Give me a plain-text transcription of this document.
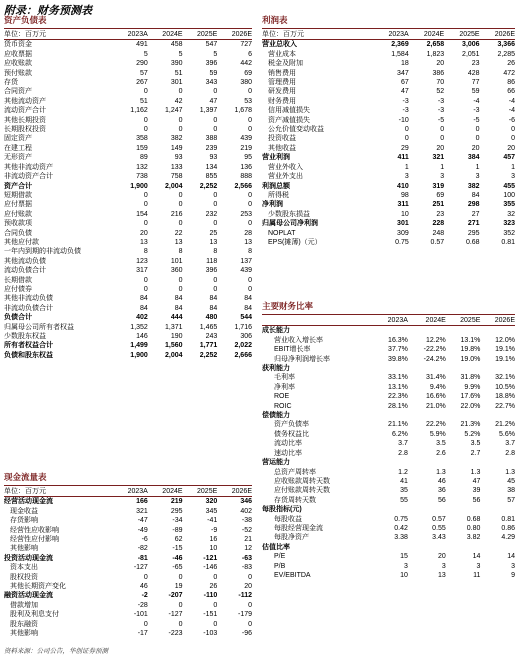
附录：财务预测表
资产负债表
单位：百万元	2023A	2024E	2025E	2026E
货币资金	491	458	547	727
应收票据	5	5	5	6
应收账款	290	390	396	442
预付账款	57	51	59	69
存货	267	301	343	380
合同资产	0	0	0	0
其他流动资产	51	42	47	53
流动资产合计	1,162	1,247	1,397	1,678
其他长期投资	0	0	0	0
长期股权投资	0	0	0	0
固定资产	358	382	388	439
在建工程	159	149	239	219
无形资产	89	93	93	95
其他非流动资产	132	133	134	136
非流动资产合计	738	758	855	888
资产合计	1,900	2,004	2,252	2,566
短期借款	0	0	0	0
应付票据	0	0	0	0
应付账款	154	216	232	253
预收款项	0	0	0	0
合同负债	20	22	25	28
其他应付款	13	13	13	13
一年内到期的非流动负债	8	8	8	8
其他流动负债	123	101	118	137
流动负债合计	317	360	396	439
长期借款	0	0	0	0
应付债券	0	0	0	0
其他非流动负债	84	84	84	84
非流动负债合计	84	84	84	84
负债合计	402	444	480	544
归属母公司所有者权益	1,352	1,371	1,465	1,716
少数股东权益	146	190	243	306
所有者权益合计	1,499	1,560	1,771	2,022
负债和股东权益	1,900	2,004	2,252	2,666
现金流量表
单位：百万元	2023A	2024E	2025E	2026E
经营活动现金流	166	219	320	346
现金收益	321	295	345	402
存货影响	-47	-34	-41	-38
经营性应收影响	-49	-89	-9	-52
经营性应付影响	-6	62	16	21
其他影响	-82	-15	10	12
投资活动现金流	-81	-46	-121	-63
资本支出	-127	-65	-146	-83
股权投资	0	0	0	0
其他长期资产变化	46	19	26	20
融资活动现金流	-2	-207	-110	-112
借款增加	-28	0	0	0
股利及利息支付	-101	-127	-151	-179
股东融资	0	0	0	0
其他影响	-17	-223	-103	-96
利润表
单位：百万元	2023A	2024E	2025E	2026E
营业总收入	2,369	2,658	3,006	3,366
营业成本	1,584	1,823	2,051	2,285
税金及附加	18	20	23	26
销售费用	347	386	428	472
管理费用	67	70	77	86
研发费用	47	52	59	66
财务费用	-3	-3	-4	-4
信用减值损失	-3	-3	-3	-4
资产减值损失	-10	-5	-5	-6
公允价值变动收益	0	0	0	0
投资收益	0	0	0	0
其他收益	29	20	20	20
营业利润	411	321	384	457
营业外收入	1	1	1	1
营业外支出	3	3	3	3
利润总额	410	319	382	455
所得税	98	69	84	100
净利润	311	251	298	355
少数股东损益	10	23	27	32
归属母公司净利润	301	228	271	323
NOPLAT	309	248	295	352
EPS(摊薄)（元）	0.75	0.57	0.68	0.81
主要财务比率
	2023A	2024E	2025E	2026E
成长能力				
营业收入增长率	16.3%	12.2%	13.1%	12.0%
EBIT增长率	37.7%	-22.2%	19.8%	19.1%
归母净利润增长率	39.8%	-24.2%	19.0%	19.1%
获利能力				
毛利率	33.1%	31.4%	31.8%	32.1%
净利率	13.1%	9.4%	9.9%	10.5%
ROE	22.3%	16.6%	17.6%	18.8%
ROIC	28.1%	21.0%	22.0%	22.7%
偿债能力				
资产负债率	21.1%	22.2%	21.3%	21.2%
债务权益比	6.2%	5.9%	5.2%	5.6%
流动比率	3.7	3.5	3.5	3.7
速动比率	2.8	2.6	2.7	2.8
营运能力				
总资产周转率	1.2	1.3	1.3	1.3
应收账款周转天数	41	46	47	45
应付账款周转天数	35	36	39	38
存货周转天数	55	56	56	57
每股指标(元)				
每股收益	0.75	0.57	0.68	0.81
每股经营现金流	0.42	0.55	0.80	0.86
每股净资产	3.38	3.43	3.82	4.29
估值比率				
P/E	15	20	14	14
P/B	3	3	3	3
EV/EBITDA	10	13	11	9
资料来源：公司公告，华创证券预测
